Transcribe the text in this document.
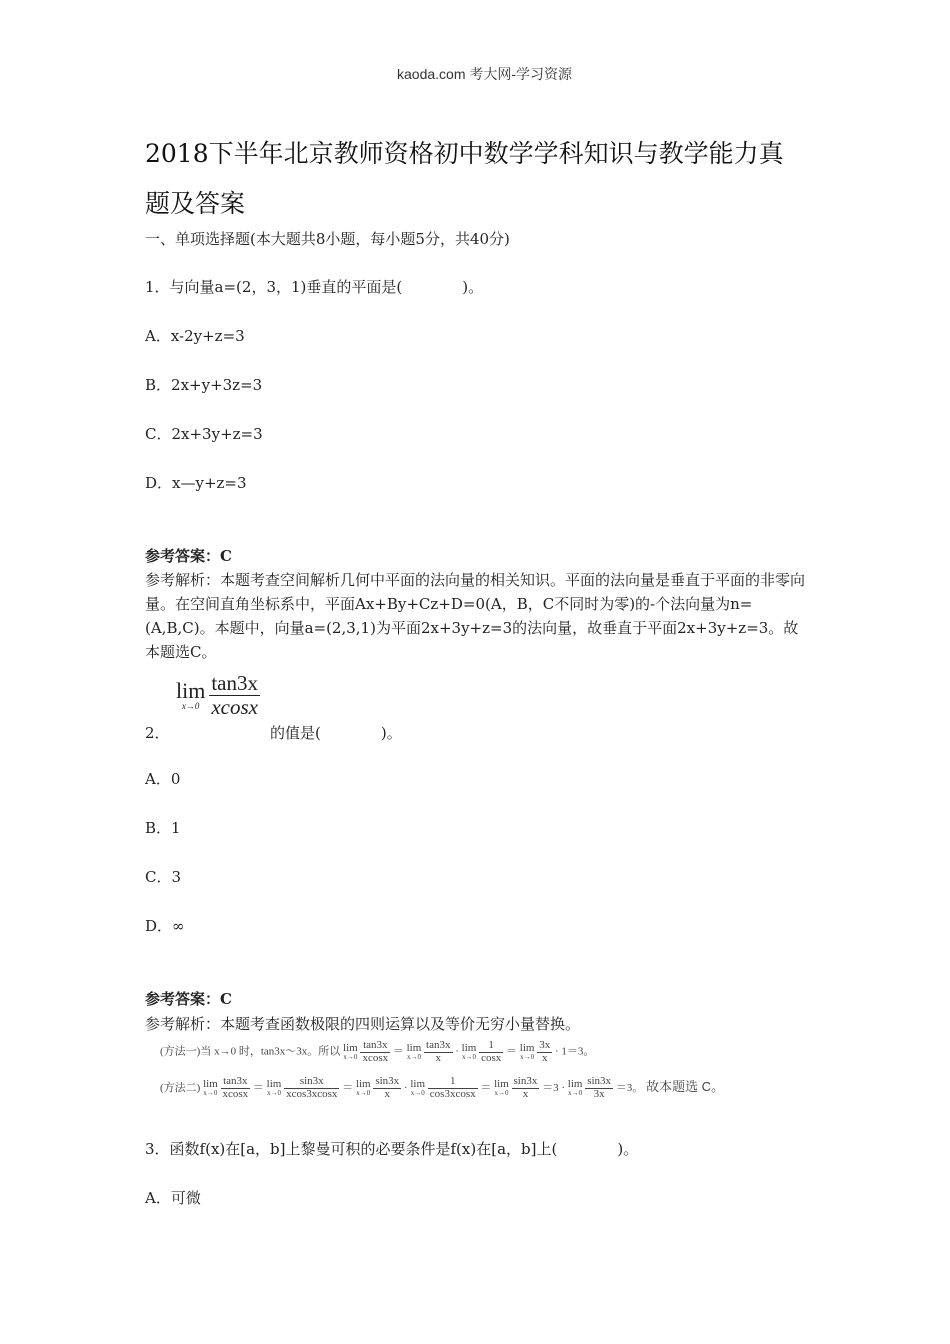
kaoda.com 考大网-学习资源
2018下半年北京教师资格初中数学学科知识与教学能力真
题及答案
一、单项选择题(本大题共8小题，每小题5分，共40分)
1．与向量a=(2，3，1)垂直的平面是(　　　　)。
A．x-2y+z=3
B．2x+y+3z=3
C．2x+3y+z=3
D．x—y+z=3
参考答案：C
参考解析：本题考查空间解析几何中平面的法向量的相关知识。平面的法向量是垂直于平面的非零向量。在空间直角坐标系中，平面Ax+By+Cz+D=0(A，B，C不同时为零)的-个法向量为n=(A,B,C)。本题中，向量a=(2,3,1)为平面2x+3y+z=3的法向量，故垂直于平面2x+3y+z=3。故本题选C。
2．
lim
x→0
$\frac{\tan 3x}{xcosx}$
的值是(　　　　)。
A．0
B．1
C．3
D．∞
参考答案：C
参考解析：本题考查函数极限的四则运算以及等价无穷小量替换。
(方法一)当 x→0 时，tan3x～3x。所以 lim
x→0
$\frac{\tan 3x}{xcosx} = \lim$
x→0
$\frac{\tan 3x}{x} \cdot \lim$
x→0
$\frac{1}{\cos x} = \lim$
x→0
$\frac{3x}{x} \cdot 1=3$。
(方法二) lim
x→0
$\frac{\tan 3x}{xcosx} = \lim$
x→0
$\frac{\sin 3x}{xcos3xcosx} = \lim$
x→0
$\frac{\sin 3x}{x} \cdot \lim$
x→0
$\frac{1}{\cos 3xcosx} = \lim$
x→0
$\frac{\sin 3x}{x} =3 \cdot \lim$
x→0
$\frac{\sin 3x}{3x} =3$。 故本题选 C。
3．函数f(x)在[a，b]上黎曼可积的必要条件是f(x)在[a，b]上(　　　　)。
A．可微
